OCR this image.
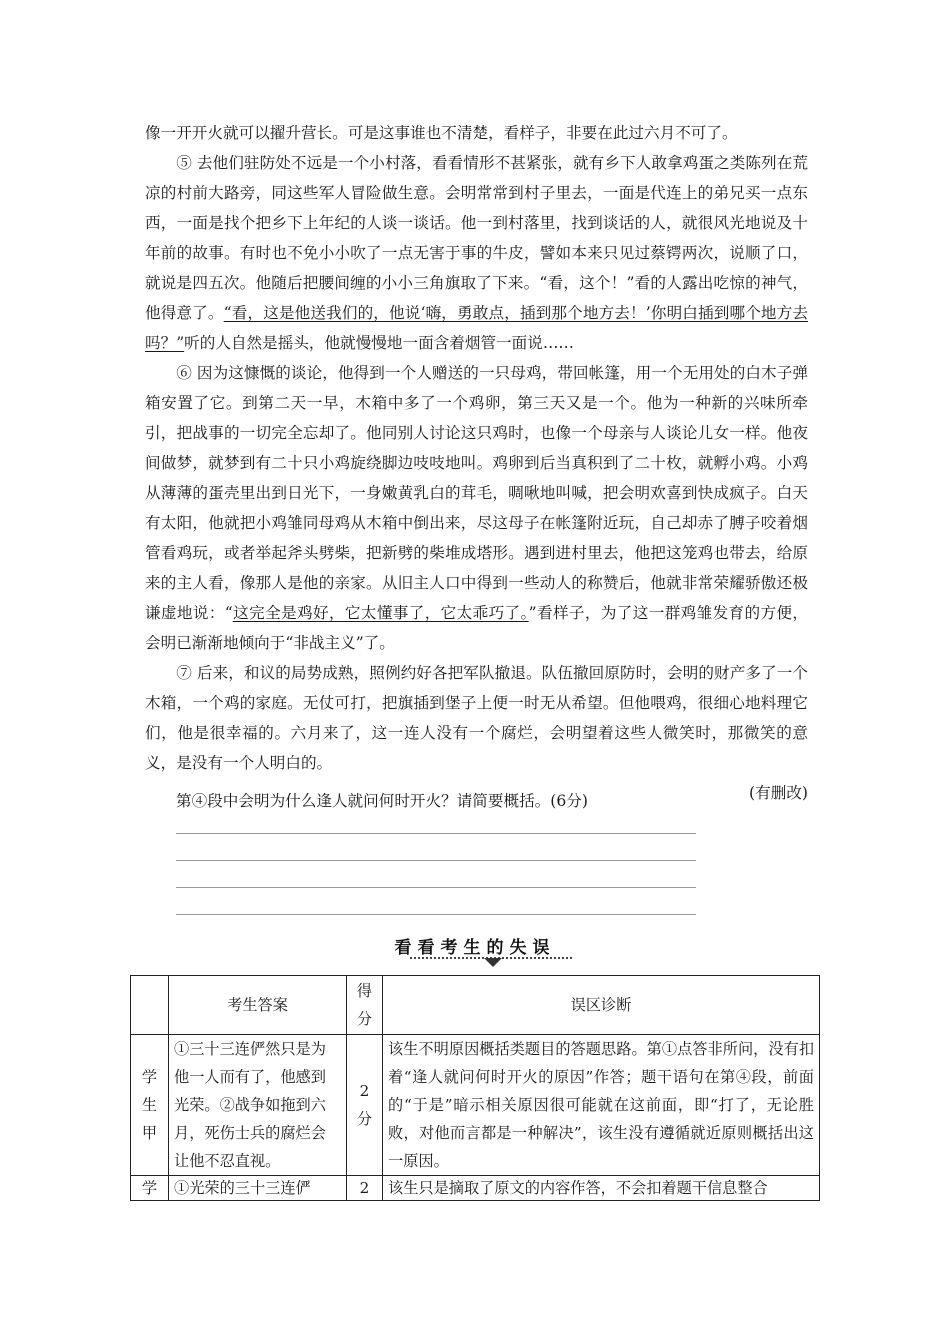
像一开开火就可以擢升营长。可是这事谁也不清楚，看样子，非要在此过六月不可了。

⑤ 去他们驻防处不远是一个小村落，看看情形不甚紧张，就有乡下人敢拿鸡蛋之类陈列在荒凉的村前大路旁，同这些军人冒险做生意。会明常常到村子里去，一面是代连上的弟兄买一点东西，一面是找个把乡下上年纪的人谈一谈话。他一到村落里，找到谈话的人，就很风光地说及十年前的故事。有时也不免小小吹了一点无害于事的牛皮，譬如本来只见过蔡锷两次，说顺了口，就说是四五次。他随后把腰间缠的小小三角旗取了下来。“看，这个！”看的人露出吃惊的神气，他得意了。“看，这是他送我们的，他说‘嗨，勇敢点，插到那个地方去！’你明白插到哪个地方去吗？”听的人自然是摇头，他就慢慢地一面含着烟管一面说……

⑥ 因为这慷慨的谈论，他得到一个人赠送的一只母鸡，带回帐篷，用一个无用处的白木子弹箱安置了它。到第二天一早，木箱中多了一个鸡卵，第三天又是一个。他为一种新的兴味所牵引，把战事的一切完全忘却了。他同别人讨论这只鸡时，也像一个母亲与人谈论儿女一样。他夜间做梦，就梦到有二十只小鸡旋绕脚边吱吱地叫。鸡卵到后当真积到了二十枚，就孵小鸡。小鸡从薄薄的蛋壳里出到日光下，一身嫩黄乳白的茸毛，啁啾地叫喊，把会明欢喜到快成疯子。白天有太阳，他就把小鸡雏同母鸡从木箱中倒出来，尽这母子在帐篷附近玩，自己却赤了膊子咬着烟管看鸡玩，或者举起斧头劈柴，把新劈的柴堆成塔形。遇到进村里去，他把这笼鸡也带去，给原来的主人看，像那人是他的亲家。从旧主人口中得到一些动人的称赞后，他就非常荣耀骄傲还极谦虚地说：“这完全是鸡好，它太懂事了，它太乖巧了。”看样子，为了这一群鸡雏发育的方便，会明已渐渐地倾向于“非战主义”了。

⑦ 后来，和议的局势成熟，照例约好各把军队撤退。队伍撤回原防时，会明的财产多了一个木箱，一个鸡的家庭。无仗可打，把旗插到堡子上便一时无从希望。但他喂鸡，很细心地料理它们，他是很幸福的。六月来了，这一连人没有一个腐烂，会明望着这些人微笑时，那微笑的意义，是没有一个人明白的。

(有删改)

第④段中会明为什么逢人就问何时开火？请简要概括。(6分)
看看考生的失误
	考生答案	得分	误区诊断

学生甲	①三十三连俨然只是为他一人而有了，他感到光荣。②战争如拖到六月，死伤士兵的腐烂会让他不忍直视。	2分	该生不明原因概括类题目的答题思路。第①点答非所问，没有扣着“逢人就问何时开火的原因”作答；题干语句在第④段，前面的“于是”暗示相关原因很可能就在这前面，即“打了，无论胜败，对他而言都是一种解决”，该生没有遵循就近原则概括出这一原因。
学	①光荣的三十三连俨	2	该生只是摘取了原文的内容作答，不会扣着题干信息整合
